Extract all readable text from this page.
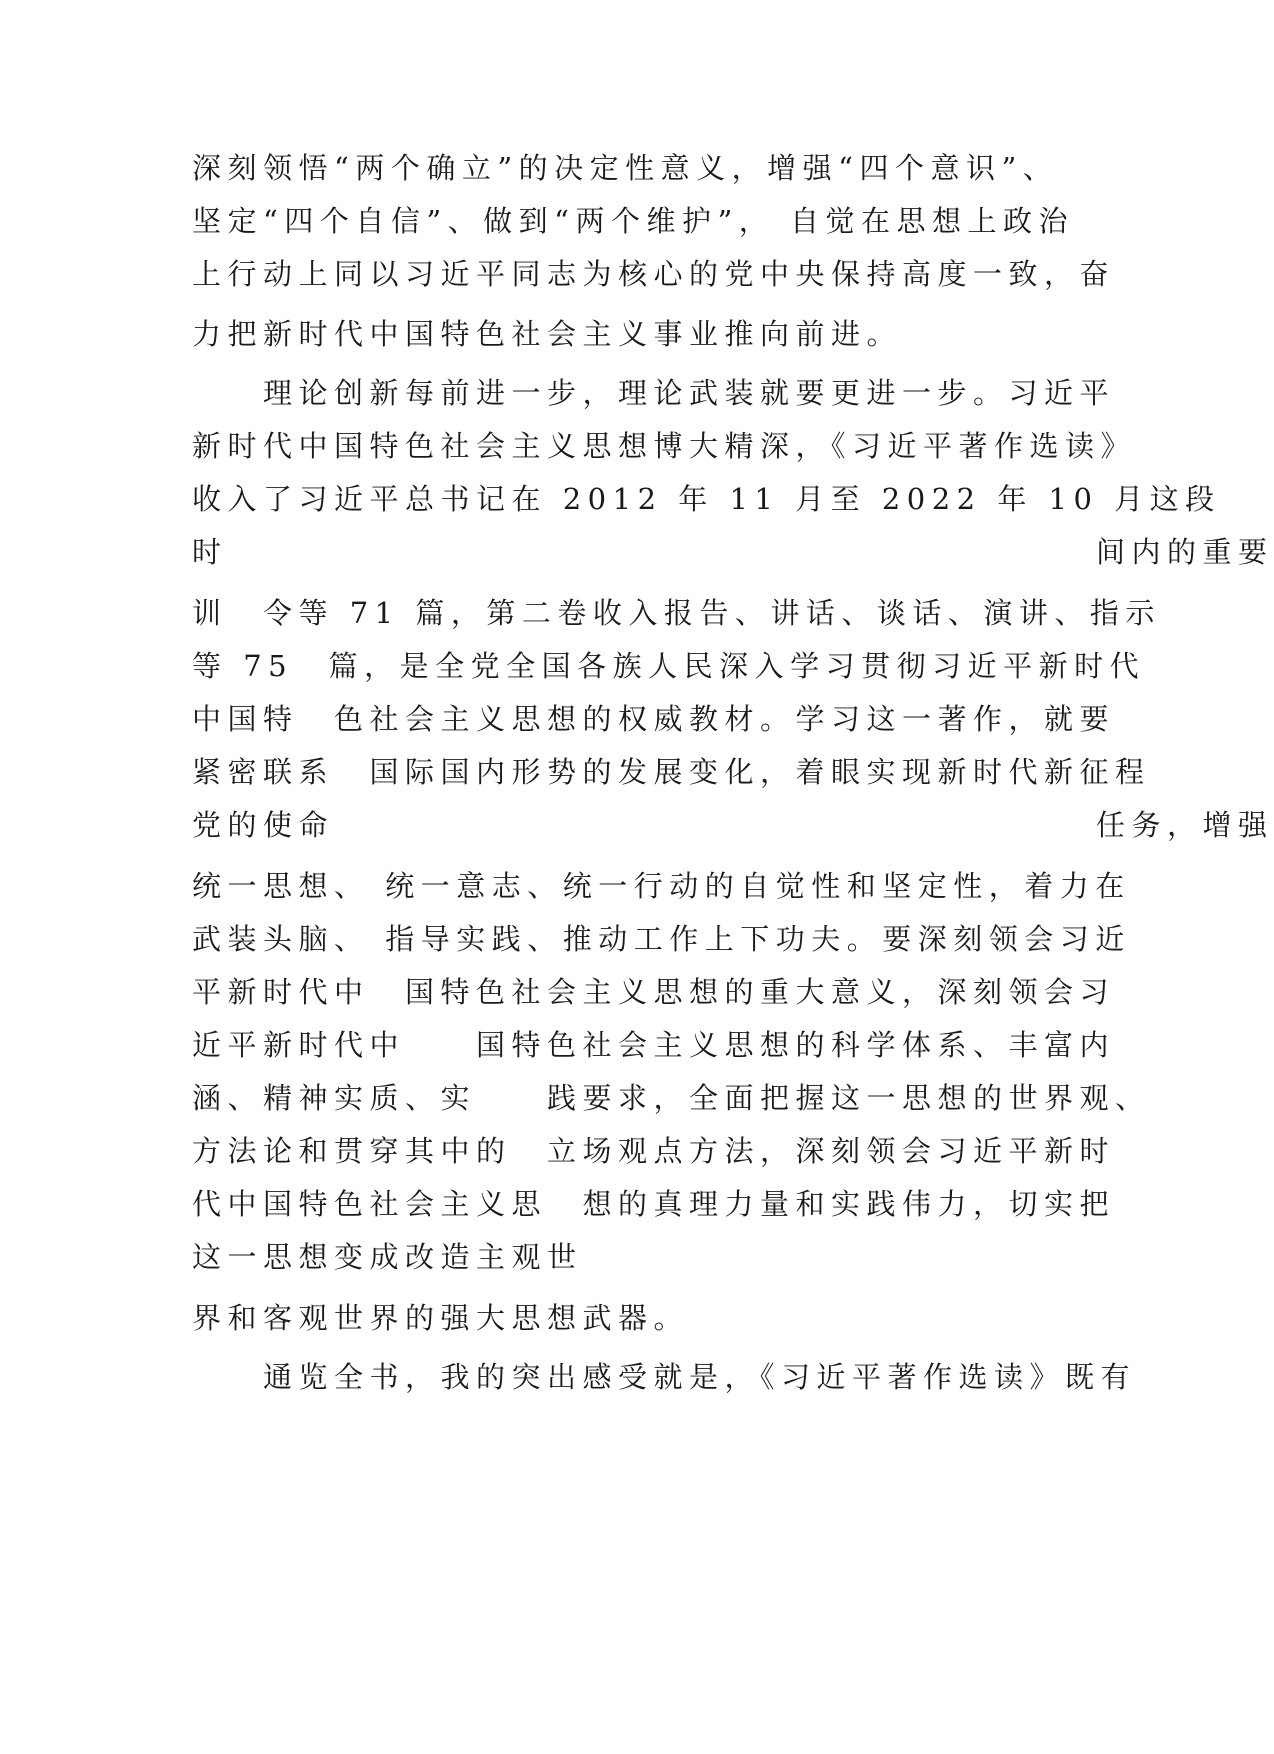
深刻领悟“两个确立”的决定性意义，增强“四个意识”、
坚定“四个自信”、做到“两个维护”， 自觉在思想上政治
上行动上同以习近平同志为核心的党中央保持高度一致，奋
力把新时代中国特色社会主义事业推向前进。
　　理论创新每前进一步，理论武装就要更进一步。习近平
新时代中国特色社会主义思想博大精深，《习近平著作选读》
收入了习近平总书记在 2012 年 11 月至 2022 年 10 月这段
时	间内的重要
训　令等 71 篇，第二卷收入报告、讲话、谈话、演讲、指示
等 75　篇，是全党全国各族人民深入学习贯彻习近平新时代
中国特　色社会主义思想的权威教材。学习这一著作，就要
紧密联系　国际国内形势的发展变化，着眼实现新时代新征程
党的使命	任务，增强
统一思想、 统一意志、统一行动的自觉性和坚定性，着力在
武装头脑、 指导实践、推动工作上下功夫。要深刻领会习近
平新时代中　国特色社会主义思想的重大意义，深刻领会习
近平新时代中　　国特色社会主义思想的科学体系、丰富内
涵、精神实质、实　　践要求，全面把握这一思想的世界观、
方法论和贯穿其中的　立场观点方法，深刻领会习近平新时
代中国特色社会主义思　想的真理力量和实践伟力，切实把
这一思想变成改造主观世
界和客观世界的强大思想武器。
　　通览全书，我的突出感受就是，《习近平著作选读》既有
